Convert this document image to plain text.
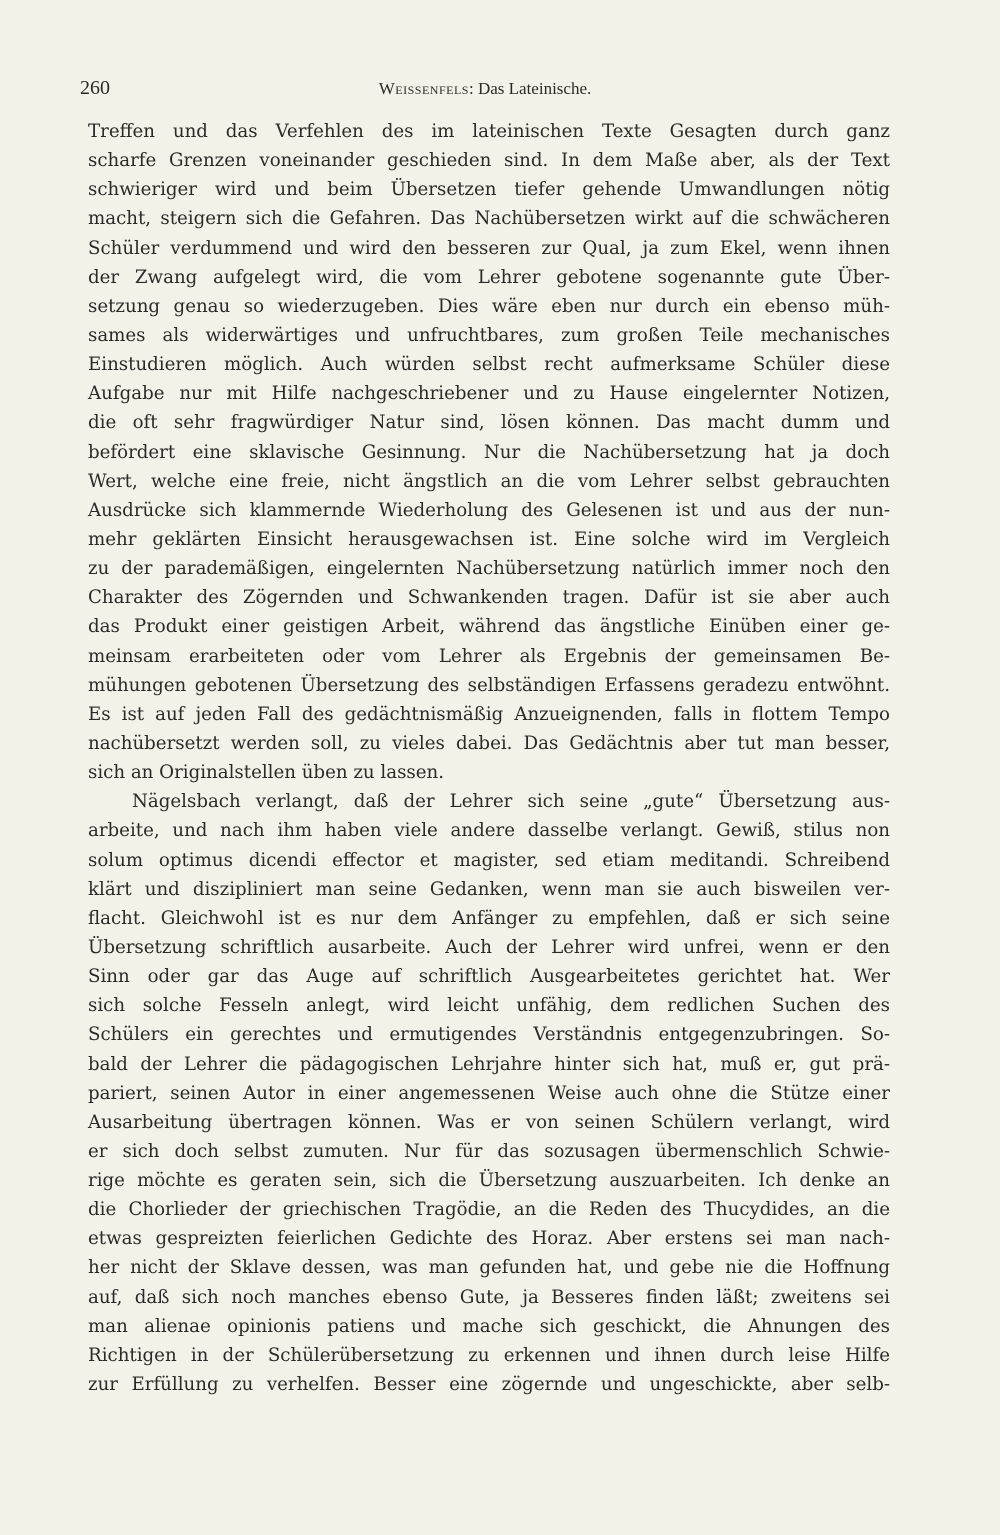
260	Weissenfels: Das Lateinische.
Treffen und das Verfehlen des im lateinischen Texte Gesagten durch ganz
scharfe Grenzen voneinander geschieden sind. In dem Maße aber, als der Text
schwieriger wird und beim Übersetzen tiefer gehende Umwandlungen nötig
macht, steigern sich die Gefahren. Das Nachübersetzen wirkt auf die schwächeren
Schüler verdummend und wird den besseren zur Qual, ja zum Ekel, wenn ihnen
der Zwang aufgelegt wird, die vom Lehrer gebotene sogenannte gute Über-
setzung genau so wiederzugeben. Dies wäre eben nur durch ein ebenso müh-
sames als widerwärtiges und unfruchtbares, zum großen Teile mechanisches
Einstudieren möglich. Auch würden selbst recht aufmerksame Schüler diese
Aufgabe nur mit Hilfe nachgeschriebener und zu Hause eingelernter Notizen,
die oft sehr fragwürdiger Natur sind, lösen können. Das macht dumm und
befördert eine sklavische Gesinnung. Nur die Nachübersetzung hat ja doch
Wert, welche eine freie, nicht ängstlich an die vom Lehrer selbst gebrauchten
Ausdrücke sich klammernde Wiederholung des Gelesenen ist und aus der nun-
mehr geklärten Einsicht herausgewachsen ist. Eine solche wird im Vergleich
zu der parademäßigen, eingelernten Nachübersetzung natürlich immer noch den
Charakter des Zögernden und Schwankenden tragen. Dafür ist sie aber auch
das Produkt einer geistigen Arbeit, während das ängstliche Einüben einer ge-
meinsam erarbeiteten oder vom Lehrer als Ergebnis der gemeinsamen Be-
mühungen gebotenen Übersetzung des selbständigen Erfassens geradezu entwöhnt.
Es ist auf jeden Fall des gedächtnismäßig Anzueignenden, falls in flottem Tempo
nachübersetzt werden soll, zu vieles dabei. Das Gedächtnis aber tut man besser,
sich an Originalstellen üben zu lassen.
Nägelsbach verlangt, daß der Lehrer sich seine „gute“ Übersetzung aus-
arbeite, und nach ihm haben viele andere dasselbe verlangt. Gewiß, stilus non
solum optimus dicendi effector et magister, sed etiam meditandi. Schreibend
klärt und diszipliniert man seine Gedanken, wenn man sie auch bisweilen ver-
flacht. Gleichwohl ist es nur dem Anfänger zu empfehlen, daß er sich seine
Übersetzung schriftlich ausarbeite. Auch der Lehrer wird unfrei, wenn er den
Sinn oder gar das Auge auf schriftlich Ausgearbeitetes gerichtet hat. Wer
sich solche Fesseln anlegt, wird leicht unfähig, dem redlichen Suchen des
Schülers ein gerechtes und ermutigendes Verständnis entgegenzubringen. So-
bald der Lehrer die pädagogischen Lehrjahre hinter sich hat, muß er, gut prä-
pariert, seinen Autor in einer angemessenen Weise auch ohne die Stütze einer
Ausarbeitung übertragen können. Was er von seinen Schülern verlangt, wird
er sich doch selbst zumuten. Nur für das sozusagen übermenschlich Schwie-
rige möchte es geraten sein, sich die Übersetzung auszuarbeiten. Ich denke an
die Chorlieder der griechischen Tragödie, an die Reden des Thucydides, an die
etwas gespreizten feierlichen Gedichte des Horaz. Aber erstens sei man nach-
her nicht der Sklave dessen, was man gefunden hat, und gebe nie die Hoffnung
auf, daß sich noch manches ebenso Gute, ja Besseres finden läßt; zweitens sei
man alienae opinionis patiens und mache sich geschickt, die Ahnungen des
Richtigen in der Schülerübersetzung zu erkennen und ihnen durch leise Hilfe
zur Erfüllung zu verhelfen. Besser eine zögernde und ungeschickte, aber selb-
